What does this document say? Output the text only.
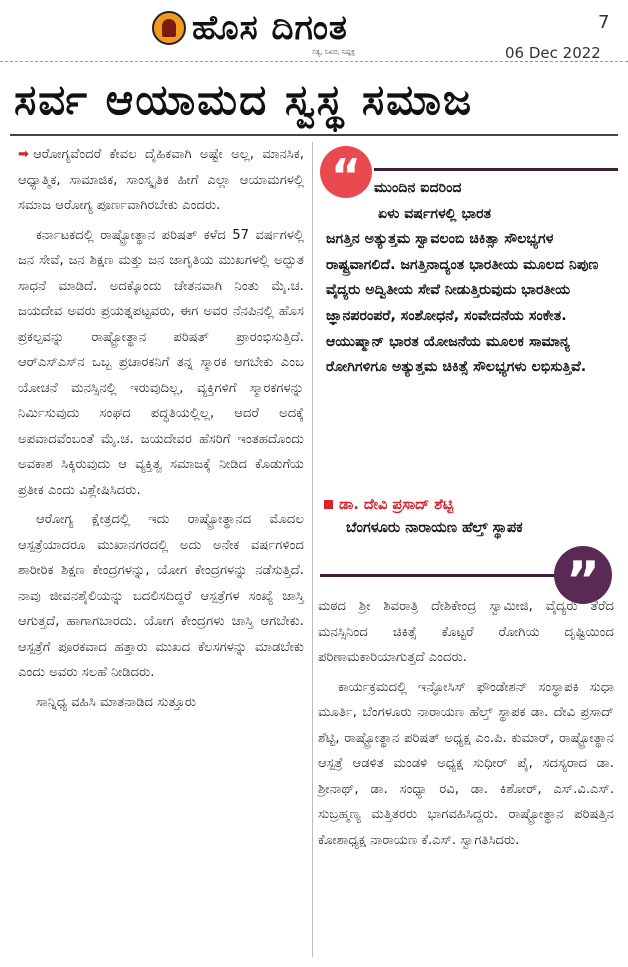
ಹೊಸ ದಿಗಂತ
ಸತ್ಯ, ನಿಖರ, ನಿಷ್ಪಕ್ಷ
7
06 Dec 2022
ಸರ್ವ ಆಯಾಮದ ಸ್ವಸ್ಥ ಸಮಾಜ

➡ ಆರೋಗ್ಯವೆಂದರೆ ಕೇವಲ ದೈಹಿಕವಾಗಿ ಅಷ್ಟೇ ಅಲ್ಲ, ಮಾನಸಿಕ, ಆಧ್ಯಾತ್ಮಿಕ, ಸಾಮಾಜಿಕ, ಸಾಂಸ್ಕೃತಿಕ ಹೀಗೆ ಎಲ್ಲಾ ಆಯಾಮಗಳಲ್ಲಿ ಸಮಾಜ ಆರೋಗ್ಯ ಪೂರ್ಣವಾಗಿರಬೇಕು ಎಂದರು.

ಕರ್ನಾಟಕದಲ್ಲಿ ರಾಷ್ಟ್ರೋತ್ಥಾನ ಪರಿಷತ್ ಕಳೆದ 57 ವರ್ಷಗಳಲ್ಲಿ ಜನ ಸೇವೆ, ಜನ ಶಿಕ್ಷಣ ಮತ್ತು ಜನ ಜಾಗೃತಿಯ ಮುಖಗಳಲ್ಲಿ ಅದ್ಭುತ ಸಾಧನೆ ಮಾಡಿದೆ. ಅದಕ್ಕೊಂದು ಚೇತನವಾಗಿ ನಿಂತು ಮೈ.ಚ. ಜಯದೇವ ಅವರು ಪ್ರಯತ್ನಪಟ್ಟವರು, ಈಗ ಅವರ ನೆನಪಿನಲ್ಲಿ ಹೊಸ ಪ್ರಕಲ್ಪವನ್ನು ರಾಷ್ಟ್ರೋತ್ಥಾನ ಪರಿಷತ್ ಪ್ರಾರಂಭಿಸುತ್ತಿದೆ. ಆರ್‌ಎಸ್‌ಎಸ್‌ನ ಒಬ್ಬ ಪ್ರಚಾರಕನಿಗೆ ತನ್ನ ಸ್ಮಾರಕ ಆಗಬೇಕು ಎಂಬ ಯೋಚನೆ ಮನಸ್ಸಿನಲ್ಲಿ ಇರುವುದಿಲ್ಲ, ವ್ಯಕ್ತಿಗಳಿಗೆ ಸ್ಮಾರಕಗಳನ್ನು ನಿರ್ಮಿಸುವುದು ಸಂಘದ ಪದ್ಧತಿಯಲ್ಲಿಲ್ಲ, ಆದರೆ ಅದಕ್ಕೆ ಅಪವಾದವೆಂಬಂತೆ ಮೈ.ಚ. ಜಯದೇವರ ಹೆಸರಿಗೆ ಇಂತಹದೊಂದು ಅವಕಾಶ ಸಿಕ್ಕಿರುವುದು ಆ ವ್ಯಕ್ತಿತ್ವ ಸಮಾಜಕ್ಕೆ ನೀಡಿದ ಕೊಡುಗೆಯ ಪ್ರತೀಕ ಎಂದು ವಿಶ್ಲೇಷಿಸಿದರು.

ಆರೋಗ್ಯ ಕ್ಷೇತ್ರದಲ್ಲಿ ಇದು ರಾಷ್ಟ್ರೋತ್ಥಾನದ ಮೊದಲ ಆಸ್ಪತ್ರೆಯಾದರೂ ಮುಖಾನಗರದಲ್ಲಿ ಅದು ಅನೇಕ ವರ್ಷಗಳಿಂದ ಶಾರೀರಿಕ ಶಿಕ್ಷಣ ಕೇಂದ್ರಗಳನ್ನು, ಯೋಗ ಕೇಂದ್ರಗಳನ್ನು ನಡೆಸುತ್ತಿದೆ. ನಾವು ಜೀವನಶೈಲಿಯನ್ನು ಬದಲಿಸದಿದ್ದರೆ ಆಸ್ಪತ್ರೆಗಳ ಸಂಖ್ಯೆ ಜಾಸ್ತಿ ಆಗುತ್ತದೆ, ಹಾಗಾಗಬಾರದು. ಯೋಗ ಕೇಂದ್ರಗಳು ಜಾಸ್ತಿ ಆಗಬೇಕು. ಆಸ್ಪತ್ರೆಗೆ ಪೂರಕವಾದ ಹತ್ತಾರು ಮುಖದ ಕೆಲಸಗಳನ್ನು ಮಾಡಬೇಕು ಎಂದು ಅವರು ಸಲಹೆ ನೀಡಿದರು.

ಸಾನ್ನಿಧ್ಯ ವಹಿಸಿ ಮಾತನಾಡಿದ ಸುತ್ತೂರು

“ ಮುಂದಿನ ಐದರಿಂದ
ಏಳು ವರ್ಷಗಳಲ್ಲಿ ಭಾರತ
ಜಗತ್ತಿನ ಅತ್ಯುತ್ತಮ ಸ್ವಾವಲಂಬಿ ಚಿಕಿತ್ಸಾ ಸೌಲಭ್ಯಗಳ ರಾಷ್ಟ್ರವಾಗಲಿದೆ. ಜಗತ್ತಿನಾದ್ಯಂತ ಭಾರತೀಯ ಮೂಲದ ನಿಪುಣ ವೈದ್ಯರು ಅದ್ವಿತೀಯ ಸೇವೆ ನೀಡುತ್ತಿರುವುದು ಭಾರತೀಯ ಜ್ಞಾನಪರಂಪರೆ, ಸಂಶೋಧನೆ, ಸಂವೇದನೆಯ ಸಂಕೇತ. ಆಯುಷ್ಮಾನ್ ಭಾರತ ಯೋಜನೆಯ ಮೂಲಕ ಸಾಮಾನ್ಯ ರೋಗಿಗಳಿಗೂ ಅತ್ಯುತ್ತಮ ಚಿಕಿತ್ಸೆ ಸೌಲಭ್ಯಗಳು ಲಭಿಸುತ್ತಿವೆ.
ಡಾ. ದೇವಿ ಪ್ರಸಾದ್ ಶೆಟ್ಟಿ
ಬೆಂಗಳೂರು ನಾರಾಯಣ ಹೆಲ್ತ್ ಸ್ಥಾಪಕ
”

ಮಠದ ಶ್ರೀ ಶಿವರಾತ್ರಿ ದೇಶಿಕೇಂದ್ರ ಸ್ವಾಮೀಜಿ, ವೈದ್ಯರು ತೆರೆದ ಮನಸ್ಸಿನಿಂದ ಚಿಕಿತ್ಸೆ ಕೊಟ್ಟರೆ ರೋಗಿಯ ದೃಷ್ಟಿಯಿಂದ ಪರಿಣಾಮಕಾರಿಯಾಗುತ್ತದೆ ಎಂದರು.

ಕಾರ್ಯಕ್ರಮದಲ್ಲಿ ಇನ್ಫೋಸಿಸ್ ಫೌಂಡೇಶನ್ ಸಂಸ್ಥಾಪಕಿ ಸುಧಾ ಮೂರ್ತಿ, ಬೆಂಗಳೂರು ನಾರಾಯಣ ಹೆಲ್ತ್ ಸ್ಥಾಪಕ ಡಾ. ದೇವಿ ಪ್ರಸಾದ್ ಶೆಟ್ಟಿ, ರಾಷ್ಟ್ರೋತ್ಥಾನ ಪರಿಷತ್ ಅಧ್ಯಕ್ಷ ಎಂ.ಪಿ. ಕುಮಾರ್, ರಾಷ್ಟ್ರೋತ್ಥಾನ ಆಸ್ಪತ್ರೆ ಆಡಳಿತ ಮಂಡಳಿ ಅಧ್ಯಕ್ಷ ಸುಧೀರ್ ಪೈ, ಸದಸ್ಯರಾದ ಡಾ. ಶ್ರೀನಾಥ್, ಡಾ. ಸಂಧ್ಯಾ ರವಿ, ಡಾ. ಕಿಶೋರ್, ಎಸ್.ವಿ.ಎಸ್. ಸುಬ್ರಹ್ಮಣ್ಯ ಮತ್ತಿತರರು ಭಾಗವಹಿಸಿದ್ದರು. ರಾಷ್ಟ್ರೋತ್ಥಾನ ಪರಿಷತ್ತಿನ ಕೋಶಾಧ್ಯಕ್ಷ ನಾರಾಯಣ ಕೆ.ಎಸ್. ಸ್ವಾಗತಿಸಿದರು.
